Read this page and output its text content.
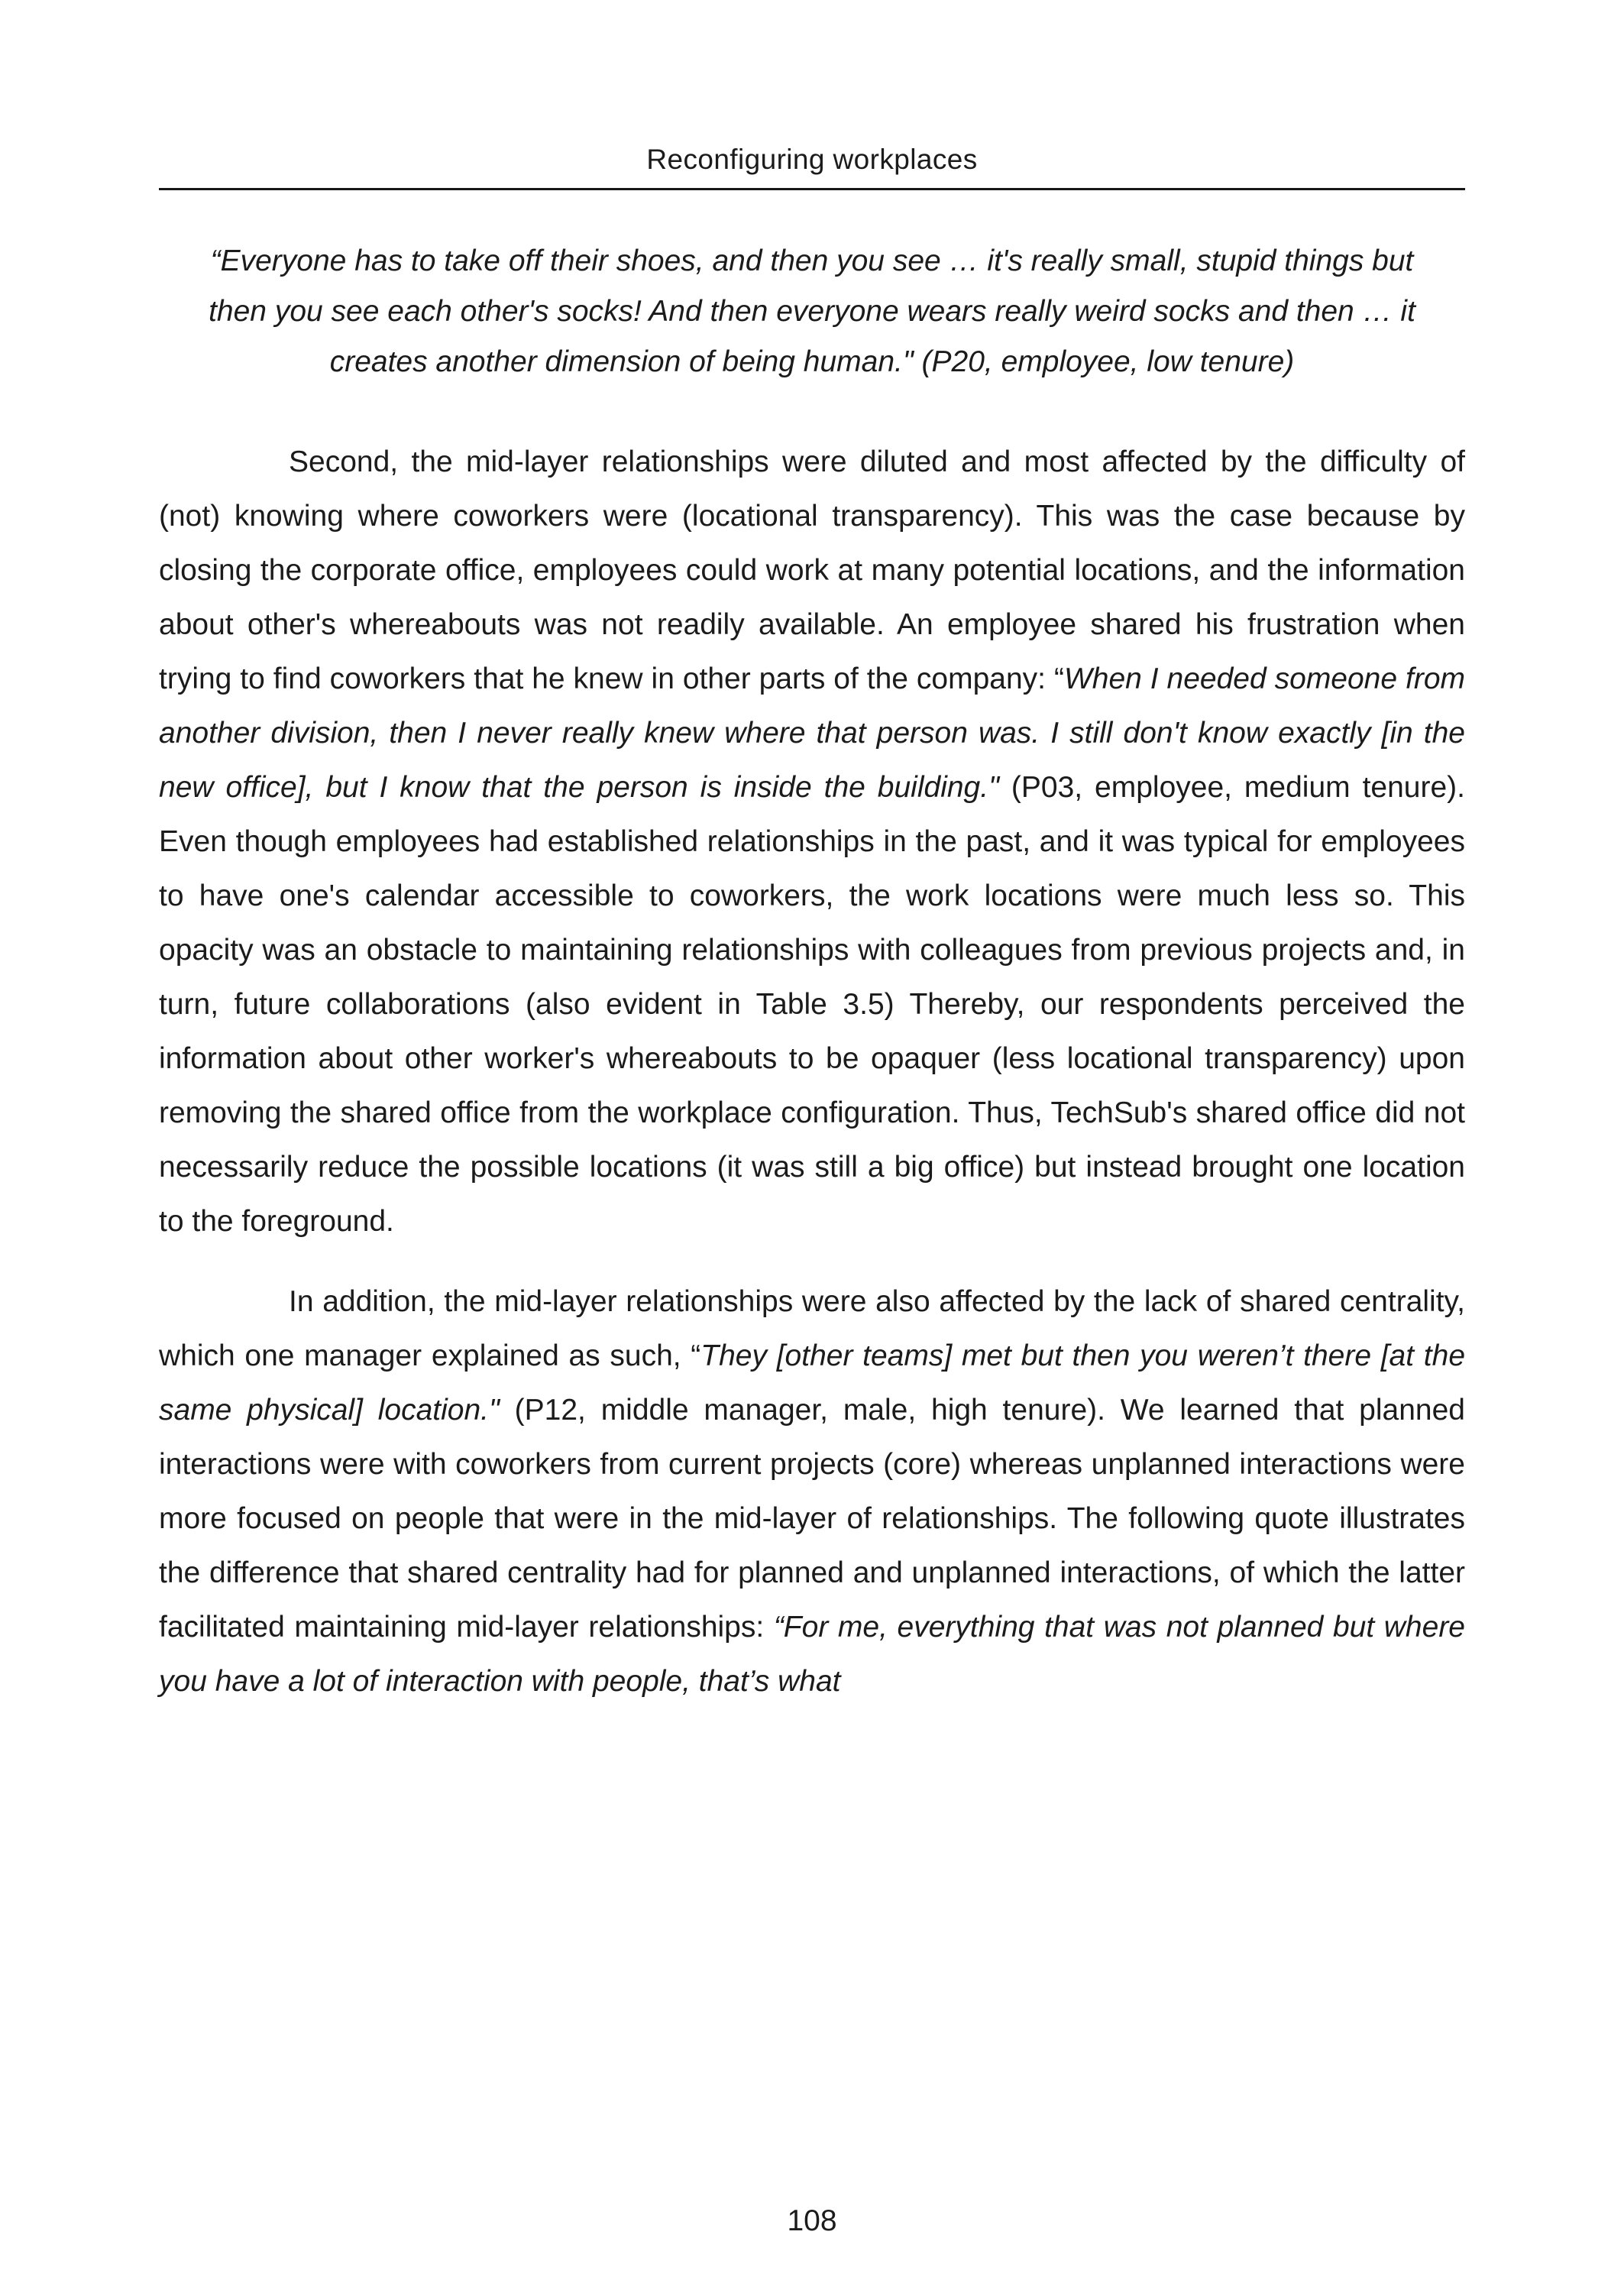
Reconfiguring workplaces

“Everyone has to take off their shoes, and then you see … it's really small, stupid things but then you see each other's socks! And then everyone wears really weird socks and then … it creates another dimension of being human." (P20, employee, low tenure)

Second, the mid-layer relationships were diluted and most affected by the difficulty of (not) knowing where coworkers were (locational transparency). This was the case because by closing the corporate office, employees could work at many potential locations, and the information about other's whereabouts was not readily available. An employee shared his frustration when trying to find coworkers that he knew in other parts of the company: “When I needed someone from another division, then I never really knew where that person was. I still don't know exactly [in the new office], but I know that the person is inside the building." (P03, employee, medium tenure). Even though employees had established relationships in the past, and it was typical for employees to have one's calendar accessible to coworkers, the work locations were much less so. This opacity was an obstacle to maintaining relationships with colleagues from previous projects and, in turn, future collaborations (also evident in Table 3.5) Thereby, our respondents perceived the information about other worker's whereabouts to be opaquer (less locational transparency) upon removing the shared office from the workplace configuration. Thus, TechSub's shared office did not necessarily reduce the possible locations (it was still a big office) but instead brought one location to the foreground.

In addition, the mid-layer relationships were also affected by the lack of shared centrality, which one manager explained as such, “They [other teams] met but then you weren’t there [at the same physical] location." (P12, middle manager, male, high tenure). We learned that planned interactions were with coworkers from current projects (core) whereas unplanned interactions were more focused on people that were in the mid-layer of relationships. The following quote illustrates the difference that shared centrality had for planned and unplanned interactions, of which the latter facilitated maintaining mid-layer relationships: “For me, everything that was not planned but where you have a lot of interaction with people, that’s what

108
